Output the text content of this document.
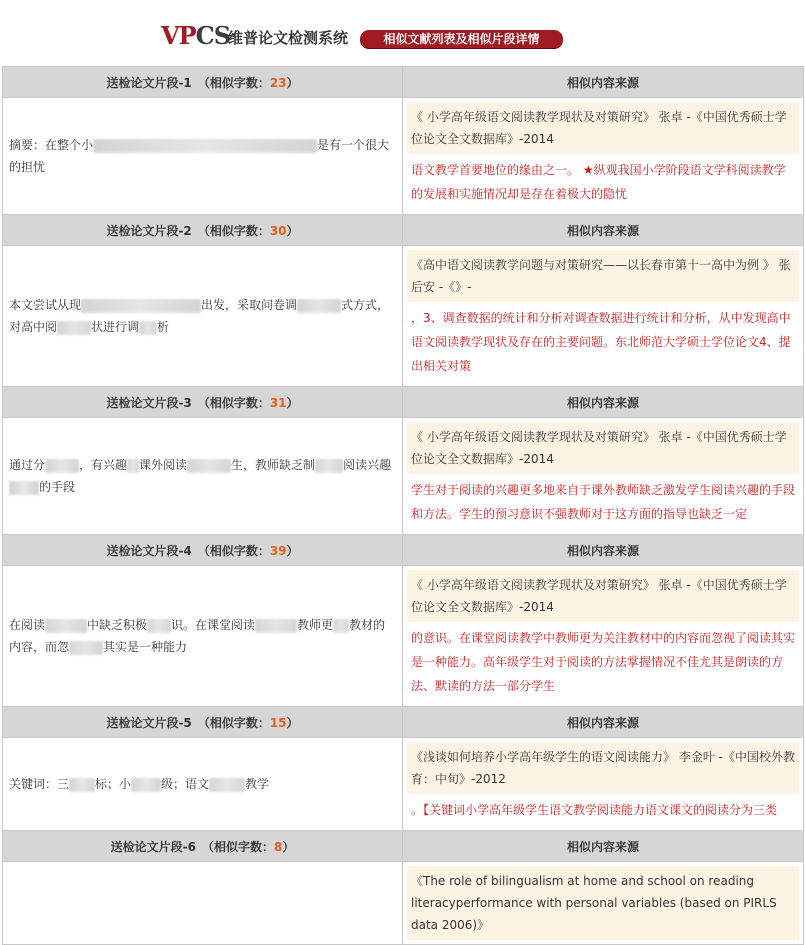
VPCS
维普论文检测系统	相似文献列表及相似片段详情
送检论文片段-1　 （相似字数：23）	相似内容来源
摘要：在整个小 是有一个很大的担忧	《 小学高年级语文阅读教学现状及对策研究》 张卓 -《中国优秀硕士学位论文全文数据库》-2014
语文教学首要地位的缘由之一。 ★纵观我国小学阶段语文学科阅读教学的发展和实施情况却是存在着极大的隐忧

送检论文片段-2　 （相似字数：30）	相似内容来源
本文尝试从现 出发，采取问卷调 式方式，对高中阅 状进行调 析	《高中语文阅读教学问题与对策研究——以长春市第十一高中为例 》 张后安 -《》-
，3、调查数据的统计和分析对调查数据进行统计和分析，从中发现高中语文阅读教学现状及存在的主要问题。东北师范大学硕士学位论文4、提出相关对策

送检论文片段-3　 （相似字数：31）	相似内容来源
通过分 ，有兴趣 课外阅读 生，教师缺乏制 阅读兴趣的手段	《 小学高年级语文阅读教学现状及对策研究》 张卓 -《中国优秀硕士学位论文全文数据库》-2014
学生对于阅读的兴趣更多地来自于课外教师缺乏激发学生阅读兴趣的手段和方法。学生的预习意识不强教师对于这方面的指导也缺乏一定

送检论文片段-4　 （相似字数：39）	相似内容来源
在阅读 中缺乏积极 识。在课堂阅读 教师更 教材的内容，而忽 其实是一种能力	《 小学高年级语文阅读教学现状及对策研究》 张卓 -《中国优秀硕士学位论文全文数据库》-2014
的意识。在课堂阅读教学中教师更为关注教材中的内容而忽视了阅读其实是一种能力。高年级学生对于阅读的方法掌握情况不佳尤其是朗读的方法、默读的方法一部分学生

送检论文片段-5　 （相似字数：15）	相似内容来源
关键词：三 标；小 级；语文 教学	《浅谈如何培养小学高年级学生的语文阅读能力》 李金叶 -《中国校外教育：中旬》-2012
。【关键词小学高年级学生语文教学阅读能力语文课文的阅读分为三类

送检论文片段-6　 （相似字数：8）	相似内容来源

	《The role of bilingualism at home and school on reading literacyperformance with personal variables (based on PIRLS data 2006)》
